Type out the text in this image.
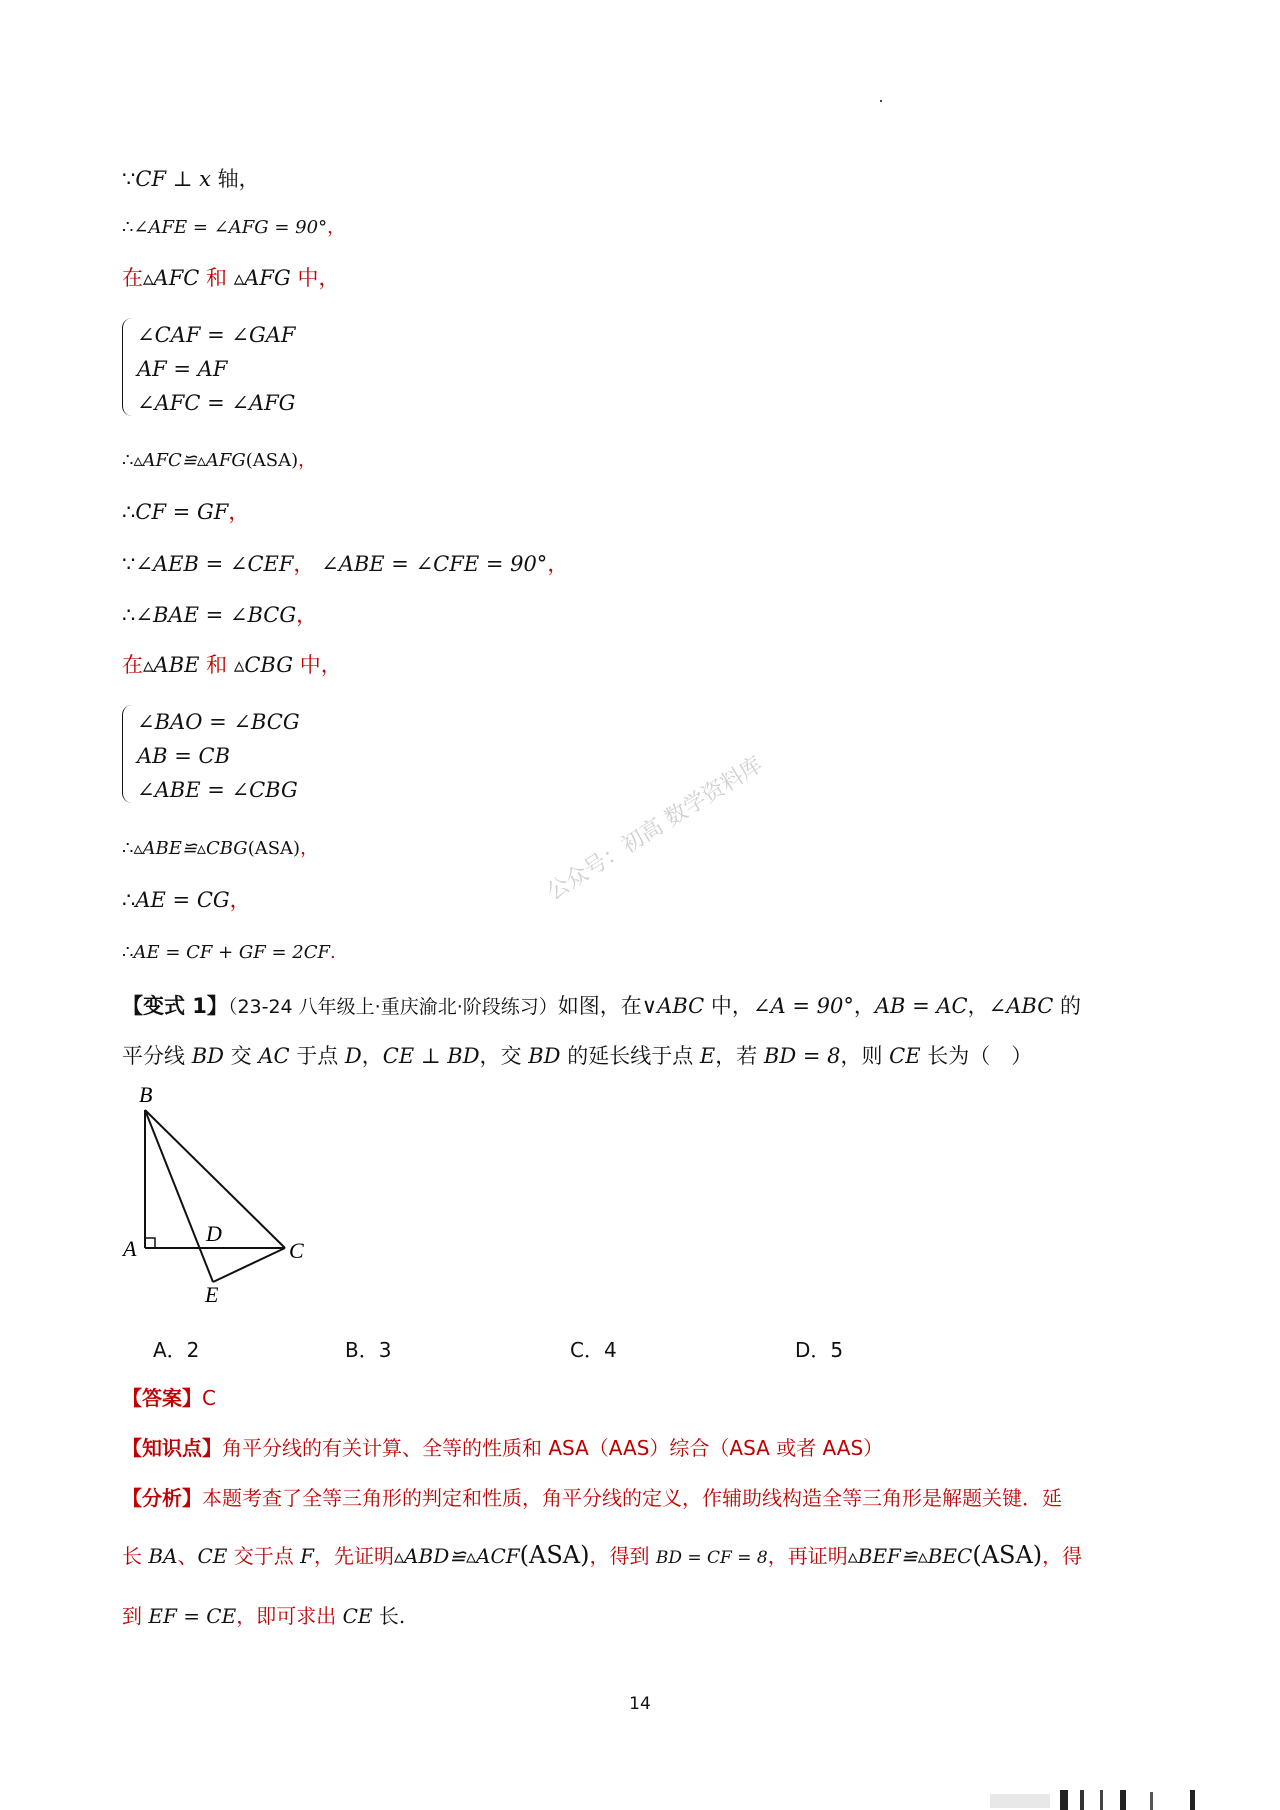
∵CF ⊥ x 轴，
∴∠AFE = ∠AFG = 90°，
在▵AFC 和 ▵AFG 中，
∠CAF = ∠GAF
AF = AF
∠AFC = ∠AFG
∴▵AFC≌▵AFG(ASA)，
∴CF = GF，
∵∠AEB = ∠CEF， ∠ABE = ∠CFE = 90°，
∴∠BAE = ∠BCG，
在▵ABE 和 ▵CBG 中，
∠BAO = ∠BCG
AB = CB
∠ABE = ∠CBG
∴▵ABE≌▵CBG(ASA)，
∴AE = CG，
∴AE = CF + GF = 2CF.
公众号：初高 数学资料库
【变式 1】（23-24 八年级上·重庆渝北·阶段练习）如图，在∨ABC 中，∠A = 90°，AB = AC，∠ABC 的
平分线 BD 交 AC 于点 D，CE ⊥ BD，交 BD 的延长线于点 E，若 BD = 8，则 CE 长为（　）
B
A
D
C
E
A．2	B．3	C．4	D．5
【答案】C
【知识点】角平分线的有关计算、全等的性质和 ASA（AAS）综合（ASA 或者 AAS）
【分析】本题考查了全等三角形的判定和性质，角平分线的定义，作辅助线构造全等三角形是解题关键．延
长 BA、CE 交于点 F，先证明▵ABD≌▵ACF(ASA)，得到 BD = CF = 8，再证明▵BEF≌▵BEC(ASA)，得
到 EF = CE，即可求出 CE 长.
14
